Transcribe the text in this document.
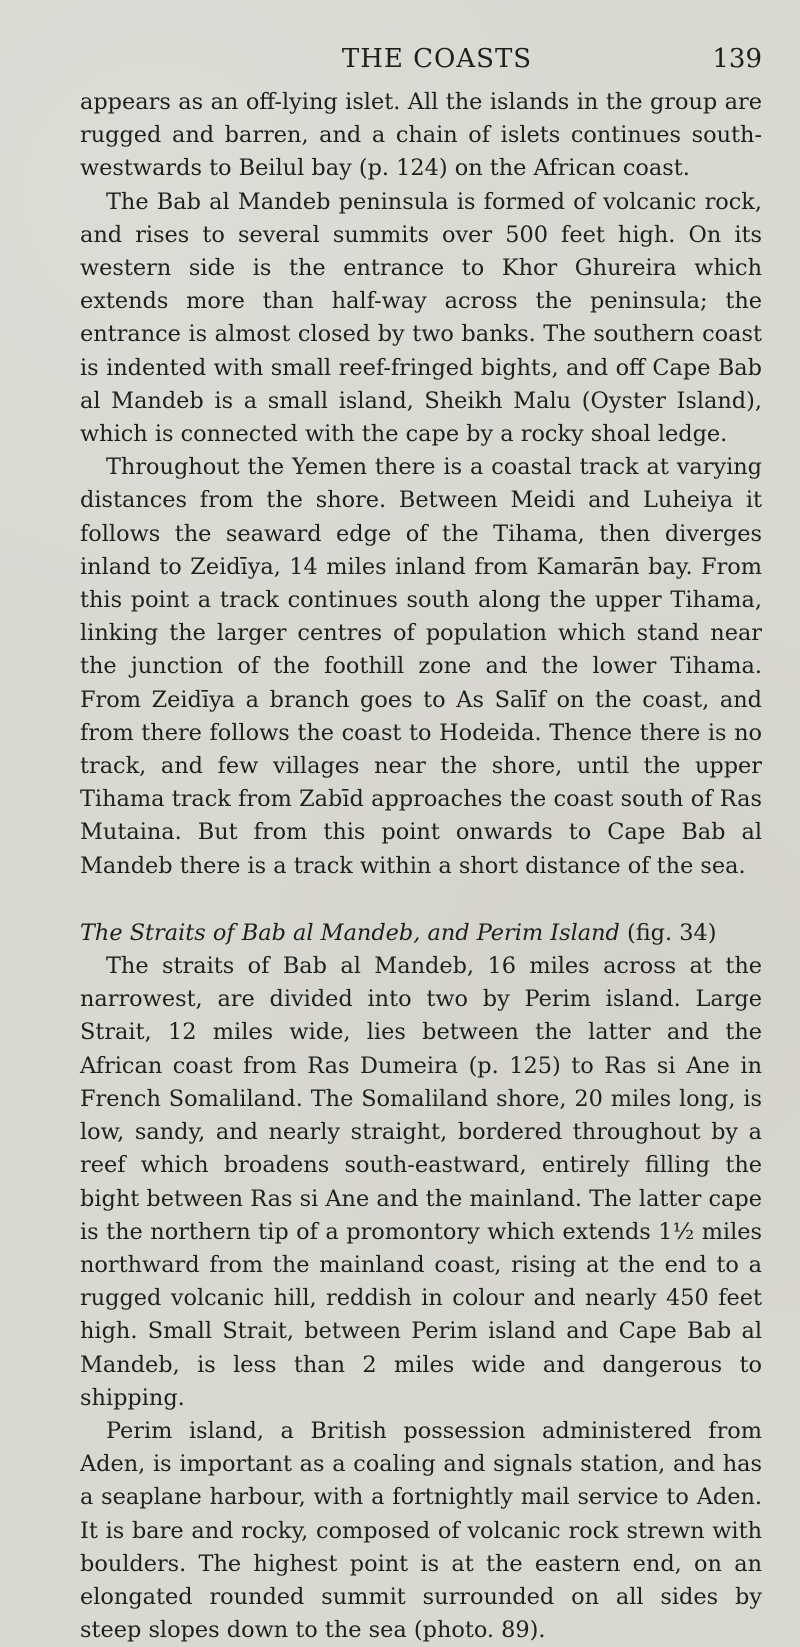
THE COASTS	139

appears as an off-lying islet. All the islands in the group are rugged and barren, and a chain of islets continues south-westwards to Beilul bay (p. 124) on the African coast.

The Bab al Mandeb peninsula is formed of volcanic rock, and rises to several summits over 500 feet high. On its western side is the entrance to Khor Ghureira which extends more than half-way across the peninsula; the entrance is almost closed by two banks. The southern coast is indented with small reef-fringed bights, and off Cape Bab al Mandeb is a small island, Sheikh Malu (Oyster Island), which is connected with the cape by a rocky shoal ledge.

Throughout the Yemen there is a coastal track at varying distances from the shore. Between Meidi and Luheiya it follows the seaward edge of the Tihama, then diverges inland to Zeidīya, 14 miles inland from Kamarān bay. From this point a track continues south along the upper Tihama, linking the larger centres of population which stand near the junction of the foothill zone and the lower Tihama. From Zeidīya a branch goes to As Salīf on the coast, and from there follows the coast to Hodeida. Thence there is no track, and few villages near the shore, until the upper Tihama track from Zabīd approaches the coast south of Ras Mutaina. But from this point onwards to Cape Bab al Mandeb there is a track within a short distance of the sea.

The Straits of Bab al Mandeb, and Perim Island (fig. 34)

The straits of Bab al Mandeb, 16 miles across at the narrowest, are divided into two by Perim island. Large Strait, 12 miles wide, lies between the latter and the African coast from Ras Dumeira (p. 125) to Ras si Ane in French Somaliland. The Somaliland shore, 20 miles long, is low, sandy, and nearly straight, bordered throughout by a reef which broadens south-eastward, entirely filling the bight between Ras si Ane and the mainland. The latter cape is the northern tip of a promontory which extends 1½ miles northward from the mainland coast, rising at the end to a rugged volcanic hill, reddish in colour and nearly 450 feet high. Small Strait, between Perim island and Cape Bab al Mandeb, is less than 2 miles wide and dangerous to shipping.

Perim island, a British possession administered from Aden, is important as a coaling and signals station, and has a seaplane harbour, with a fortnightly mail service to Aden. It is bare and rocky, composed of volcanic rock strewn with boulders. The highest point is at the eastern end, on an elongated rounded summit surrounded on all sides by steep slopes down to the sea (photo. 89).
